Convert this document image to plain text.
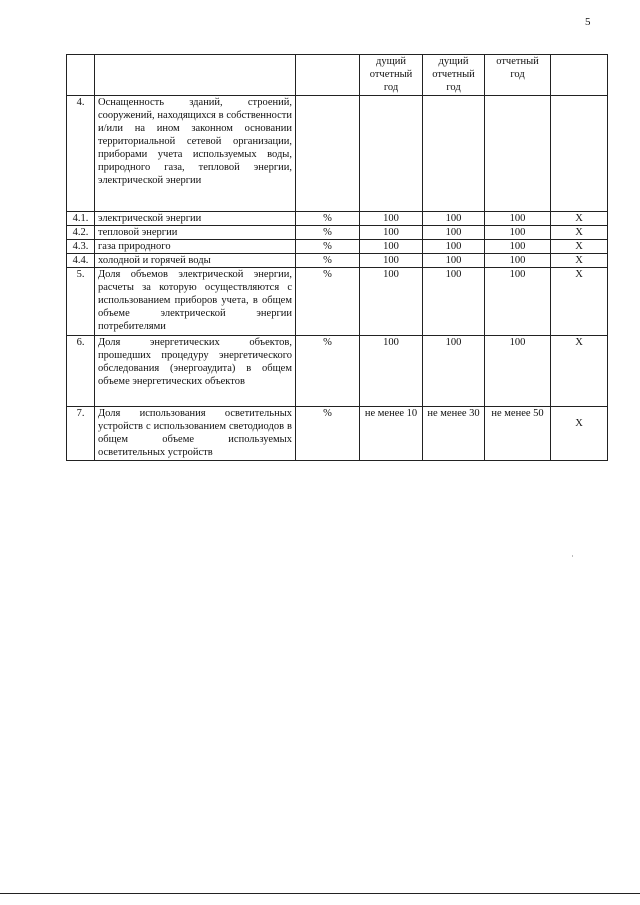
5
			дущий отчетный год	дущий отчетный год	отчетный год	
4.	Оснащенность зданий, строений, сооружений, находящихся в собственности и/или на ином законном основании территориальной сетевой организации, приборами учета используемых воды, природного газа, тепловой энергии, электрической энергии					
4.1.	электрической энергии	%	100	100	100	X
4.2.	тепловой энергии	%	100	100	100	X
4.3.	газа природного	%	100	100	100	X
4.4.	холодной и горячей воды	%	100	100	100	X
5.	Доля объемов электрической энергии, расчеты за которую осуществляются с использованием приборов учета, в общем объеме электрической энергии потребителями	%	100	100	100	X
6.	Доля энергетических объектов, прошедших процедуру энергетического обследования (энергоаудита) в общем объеме энергетических объектов	%	100	100	100	X
7.	Доля использования осветительных устройств с использованием светодиодов в общем объеме используемых осветительных устройств	%	не менее 10	не менее 30	не менее 50	X
